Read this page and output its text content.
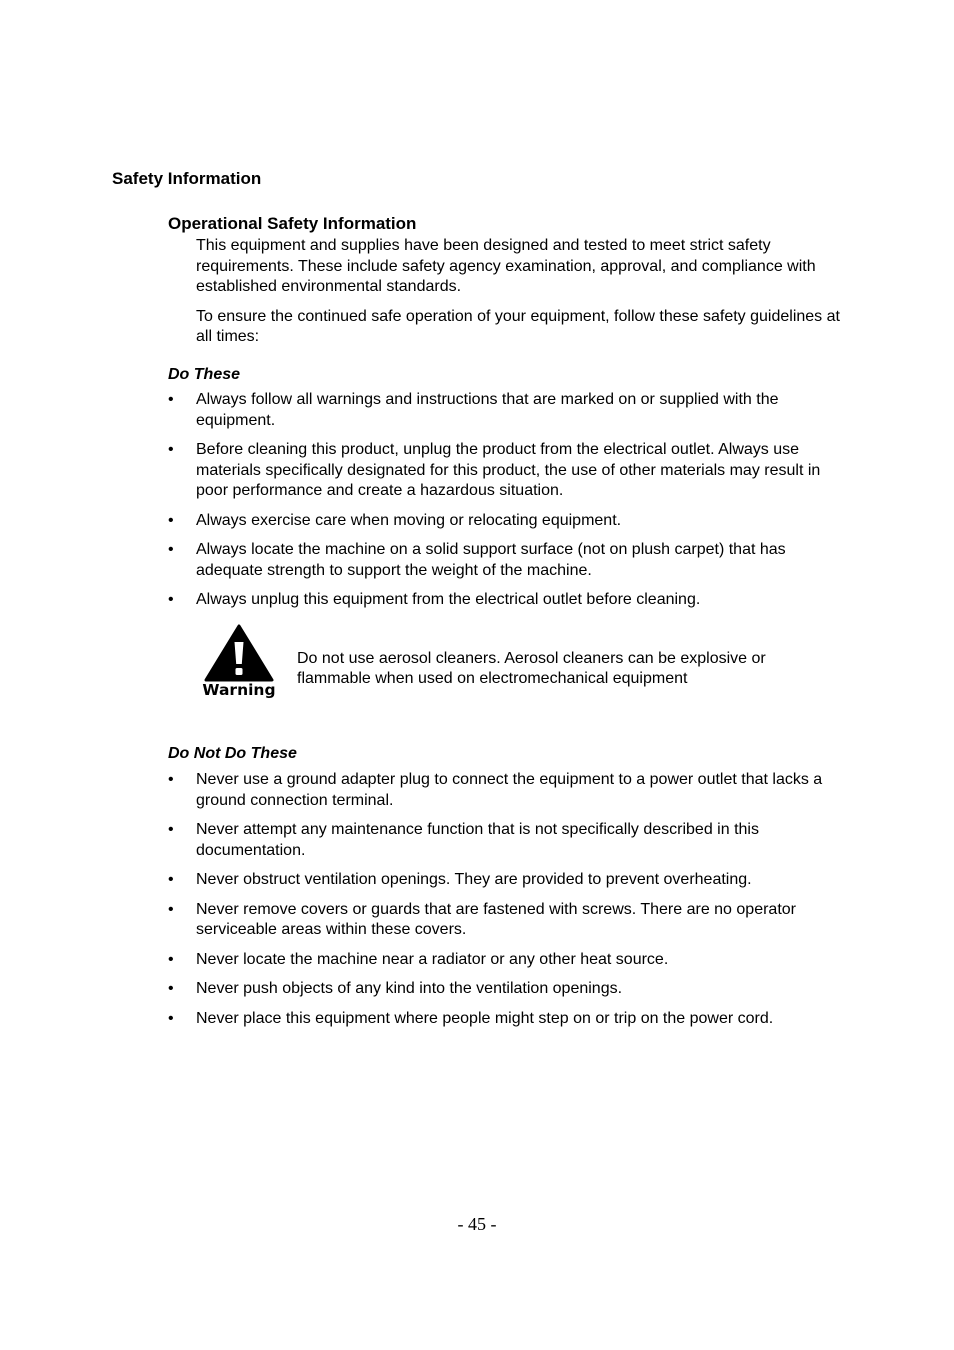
Safety Information
Operational Safety Information

This equipment and supplies have been designed and tested to meet strict safety requirements. These include safety agency examination, approval, and compliance with established environmental standards.

To ensure the continued safe operation of your equipment, follow these safety guidelines at all times:

Do These
•	Always follow all warnings and instructions that are marked on or supplied with the equipment.
•	Before cleaning this product, unplug the product from the electrical outlet. Always use materials specifically designated for this product, the use of other materials may result in poor performance and create a hazardous situation.
•	Always exercise care when moving or relocating equipment.
•	Always locate the machine on a solid support surface (not on plush carpet) that has adequate strength to support the weight of the machine.
•	Always unplug this equipment from the electrical outlet before cleaning.
Warning
Do not use aerosol cleaners. Aerosol cleaners can be explosive or flammable when used on electromechanical equipment
Do Not Do These
•	Never use a ground adapter plug to connect the equipment to a power outlet that lacks a ground connection terminal.
•	Never attempt any maintenance function that is not specifically described in this documentation.
•	Never obstruct ventilation openings. They are provided to prevent overheating.
•	Never remove covers or guards that are fastened with screws. There are no operator serviceable areas within these covers.
•	Never locate the machine near a radiator or any other heat source.
•	Never push objects of any kind into the ventilation openings.
•	Never place this equipment where people might step on or trip on the power cord.
- 45 -
